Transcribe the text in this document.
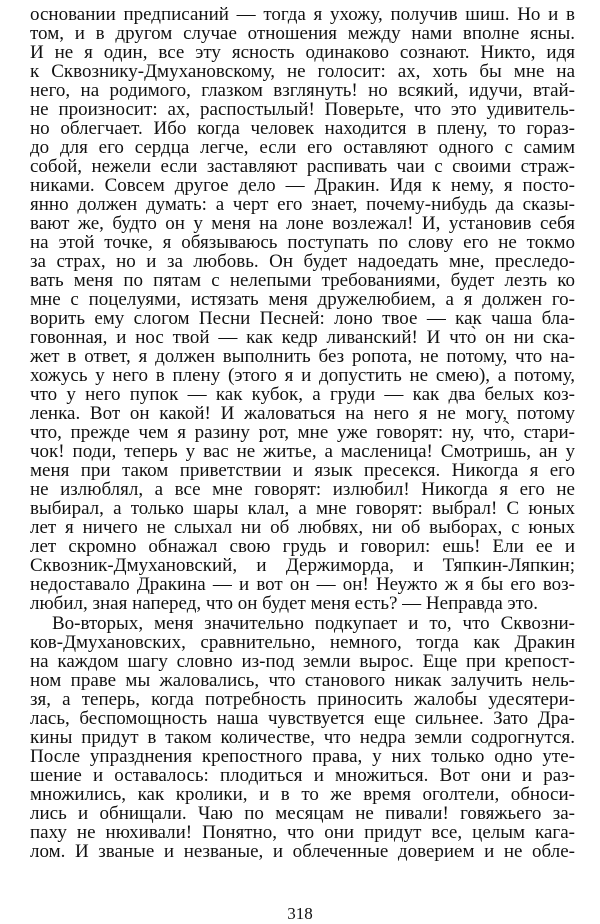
основании предписаний — тогда я ухожу, получив шиш. Но и в
том, и в другом случае отношения между нами вполне ясны.
И не я один, все эту ясность одинаково сознают. Никто, идя
к Сквознику-Дмухановскому, не голосит: ах, хоть бы мне на
него, на родимого, глазком взглянуть! но всякий, идучи, втай-
не произносит: ах, распостылый! Поверьте, что это удивитель-
но облегчает. Ибо когда человек находится в плену, то гораз-
до для его сердца легче, если его оставляют одного с самим
собой, нежели если заставляют распивать чаи с своими страж-
никами. Совсем другое дело — Дракин. Идя к нему, я посто-
янно должен думать: а черт его знает, почему-нибудь да сказы-
вают же, будто он у меня на лоне возлежал! И, установив себя
на этой точке, я обязываюсь поступать по слову его не токмо
за страх, но и за любовь. Он будет надоедать мне, преследо-
вать меня по пятам с нелепыми требованиями, будет лезть ко
мне с поцелуями, истязать меня дружелюбием, а я должен го-
ворить ему слогом Песни Песней: лоно твое — как чаша бла-
говонная, и нос твой — как кедр ливанский! И что̀ он ни ска-
жет в ответ, я должен выполнить без ропота, не потому, что на-
хожусь у него в плену (этого я и допустить не смею), а потому,
что у него пупок — как кубок, а груди — как два белых коз-
ленка. Вот он какой! И жаловаться на него я не могу, потому
что, прежде чем я разину рот, мне уже говорят: ну, что̀, стари-
чок! поди, теперь у вас не житье, а масленица! Смотришь, ан у
меня при таком приветствии и язык пресекся. Никогда я его
не излюблял, а все мне говорят: излюбил! Никогда я его не
выбирал, а только шары клал, а мне говорят: выбрал! С юных
лет я ничего не слыхал ни об любвях, ни об выборах, с юных
лет скромно обнажал свою грудь и говорил: ешь! Ели ее и
Сквозник-Дмухановский, и Держиморда, и Тяпкин-Ляпкин;
недоставало Дракина — и вот он — он! Неужто ж я бы его воз-
любил, зная наперед, что он будет меня есть? — Неправда это.
Во-вторых, меня значительно подкупает и то, что Сквозни-
ков-Дмухановских, сравнительно, немного, тогда как Дракин
на каждом шагу словно из-под земли вырос. Еще при крепост-
ном праве мы жаловались, что станового никак залучить нель-
зя, а теперь, когда потребность приносить жалобы удесятери-
лась, беспомощность наша чувствуется еще сильнее. Зато Дра-
кины придут в таком количестве, что недра земли содрогнутся.
После упразднения крепостного права, у них только одно уте-
шение и оставалось: плодиться и множиться. Вот они и раз-
множились, как кролики, и в то же время оголтели, обноси-
лись и обнищали. Чаю по месяцам не пивали! говяжьего за-
паху не нюхивали! Понятно, что они придут все, целым кага-
лом. И званые и незваные, и облеченные доверием и не обле-
318
